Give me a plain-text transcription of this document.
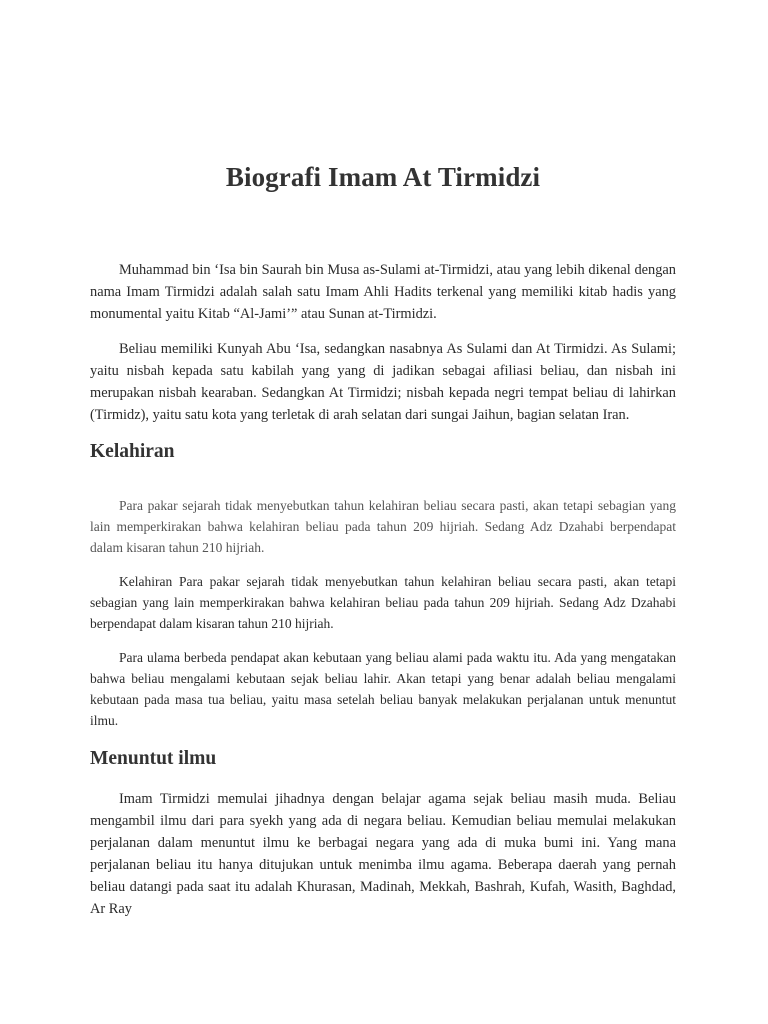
Biografi Imam At Tirmidzi

Muhammad bin ‘Isa bin Saurah bin Musa as-Sulami at-Tirmidzi, atau yang lebih dikenal dengan nama Imam Tirmidzi adalah salah satu Imam Ahli Hadits terkenal yang memiliki kitab hadis yang monumental yaitu Kitab “Al-Jami’” atau Sunan at-Tirmidzi.

Beliau memiliki Kunyah Abu ‘Isa, sedangkan nasabnya As Sulami dan At Tirmidzi. As Sulami; yaitu nisbah kepada satu kabilah yang yang di jadikan sebagai afiliasi beliau, dan nisbah ini merupakan nisbah kearaban. Sedangkan At Tirmidzi; nisbah kepada negri tempat beliau di lahirkan (Tirmidz), yaitu satu kota yang terletak di arah selatan dari sungai Jaihun, bagian selatan Iran.

Kelahiran

Para pakar sejarah tidak menyebutkan tahun kelahiran beliau secara pasti, akan tetapi sebagian yang lain memperkirakan bahwa kelahiran beliau pada tahun 209 hijriah. Sedang Adz Dzahabi berpendapat dalam kisaran tahun 210 hijriah.

Kelahiran Para pakar sejarah tidak menyebutkan tahun kelahiran beliau secara pasti, akan tetapi sebagian yang lain memperkirakan bahwa kelahiran beliau pada tahun 209 hijriah. Sedang Adz Dzahabi berpendapat dalam kisaran tahun 210 hijriah.

Para ulama berbeda pendapat akan kebutaan yang beliau alami pada waktu itu. Ada yang mengatakan bahwa beliau mengalami kebutaan sejak beliau lahir. Akan tetapi yang benar adalah beliau mengalami kebutaan pada masa tua beliau, yaitu masa setelah beliau banyak melakukan perjalanan untuk menuntut ilmu.

Menuntut ilmu

Imam Tirmidzi memulai jihadnya dengan belajar agama sejak beliau masih muda. Beliau mengambil ilmu dari para syekh yang ada di negara beliau. Kemudian beliau memulai melakukan perjalanan dalam menuntut ilmu ke berbagai negara yang ada di muka bumi ini. Yang mana perjalanan beliau itu hanya ditujukan untuk menimba ilmu agama. Beberapa daerah yang pernah beliau datangi pada saat itu adalah Khurasan, Madinah, Mekkah, Bashrah, Kufah, Wasith, Baghdad, Ar Ray
